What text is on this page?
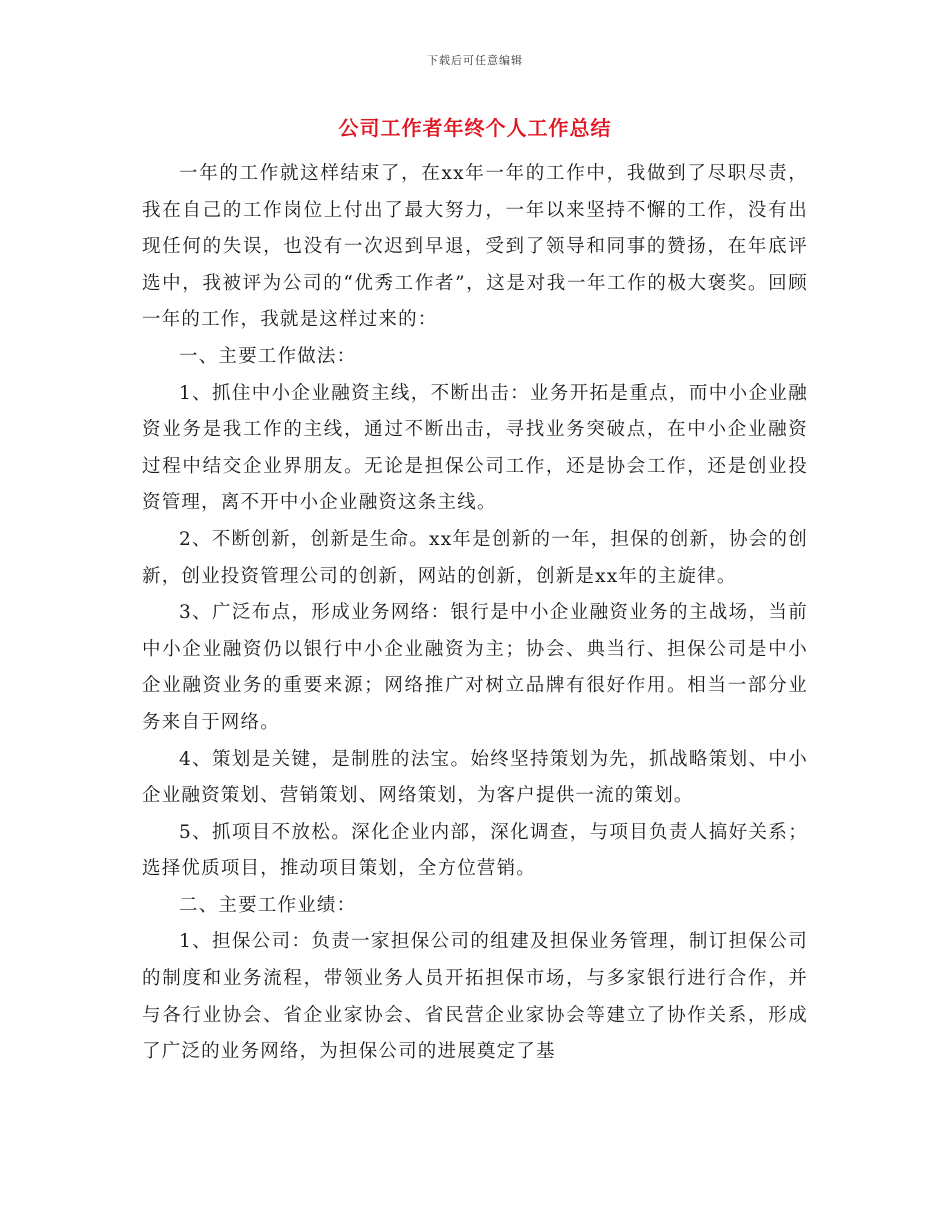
下载后可任意编辑
公司工作者年终个人工作总结

一年的工作就这样结束了，在xx年一年的工作中，我做到了尽职尽责，我在自己的工作岗位上付出了最大努力，一年以来坚持不懈的工作，没有出现任何的失误，也没有一次迟到早退，受到了领导和同事的赞扬，在年底评选中，我被评为公司的“优秀工作者”，这是对我一年工作的极大褒奖。回顾一年的工作，我就是这样过来的：

一、主要工作做法：

1、抓住中小企业融资主线，不断出击：业务开拓是重点，而中小企业融资业务是我工作的主线，通过不断出击，寻找业务突破点，在中小企业融资过程中结交企业界朋友。无论是担保公司工作，还是协会工作，还是创业投资管理，离不开中小企业融资这条主线。

2、不断创新，创新是生命。xx年是创新的一年，担保的创新，协会的创新，创业投资管理公司的创新，网站的创新，创新是xx年的主旋律。

3、广泛布点，形成业务网络：银行是中小企业融资业务的主战场，当前中小企业融资仍以银行中小企业融资为主；协会、典当行、担保公司是中小企业融资业务的重要来源；网络推广对树立品牌有很好作用。相当一部分业务来自于网络。

4、策划是关键，是制胜的法宝。始终坚持策划为先，抓战略策划、中小企业融资策划、营销策划、网络策划，为客户提供一流的策划。

5、抓项目不放松。深化企业内部，深化调查，与项目负责人搞好关系；选择优质项目，推动项目策划，全方位营销。

二、主要工作业绩：

1、担保公司：负责一家担保公司的组建及担保业务管理，制订担保公司的制度和业务流程，带领业务人员开拓担保市场，与多家银行进行合作，并与各行业协会、省企业家协会、省民营企业家协会等建立了协作关系，形成了广泛的业务网络，为担保公司的进展奠定了基
